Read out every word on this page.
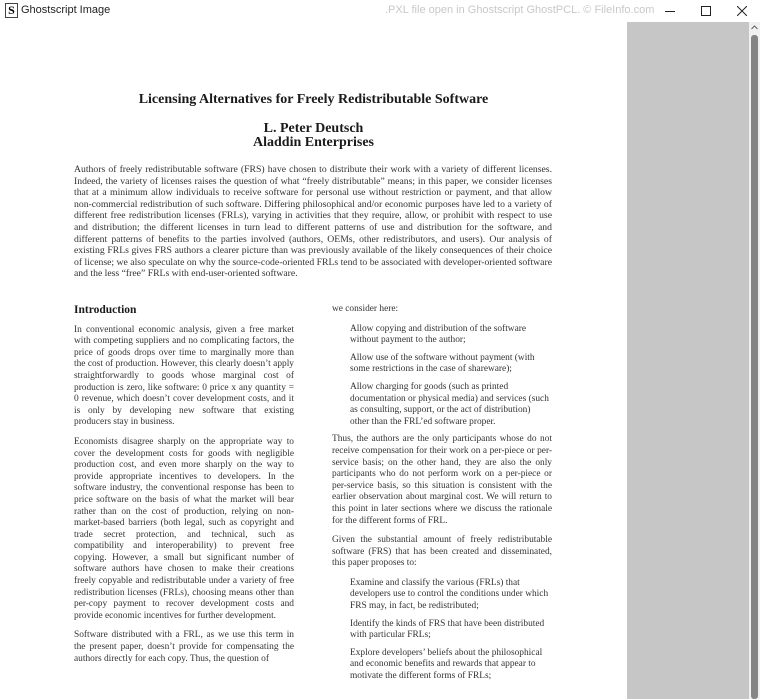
S Ghostscript Image	.PXL file open in Ghostscript GhostPCL. © FileInfo.com
Licensing Alternatives for Freely Redistributable Software
L. Peter Deutsch
Aladdin Enterprises
Authors of freely redistributable software (FRS) have chosen to distribute their work with a variety of different licenses. Indeed, the variety of licenses raises the question of what “freely distributable” means; in this paper, we consider licenses that at a minimum allow individuals to receive software for personal use without restriction or payment, and that allow non-commercial redistribution of such software. Differing philosophical and/or economic purposes have led to a variety of different free redistribution licenses (FRLs), varying in activities that they require, allow, or prohibit with respect to use and distribution; the different licenses in turn lead to different patterns of use and distribution for the software, and different patterns of benefits to the parties involved (authors, OEMs, other redistributors, and users). Our analysis of existing FRLs gives FRS authors a clearer picture than was previously available of the likely consequences of their choice of license; we also speculate on why the source-code-oriented FRLs tend to be associated with developer-oriented software and the less “free” FRLs with end-user-oriented software.
Introduction

In conventional economic analysis, given a free market with competing suppliers and no complicating factors, the price of goods drops over time to marginally more than the cost of production. However, this clearly doesn’t apply straightforwardly to goods whose marginal cost of production is zero, like software: 0 price x any quantity = 0 revenue, which doesn’t cover development costs, and it is only by developing new software that existing producers stay in business.

Economists disagree sharply on the appropriate way to cover the development costs for goods with negligible production cost, and even more sharply on the way to provide appropriate incentives to developers. In the software industry, the conventional response has been to price software on the basis of what the market will bear rather than on the cost of production, relying on non-market-based barriers (both legal, such as copyright and trade secret protection, and technical, such as compatibility and interoperability) to prevent free copying. However, a small but significant number of software authors have chosen to make their creations freely copyable and redistributable under a variety of free redistribution licenses (FRLs), choosing means other than per-copy payment to recover development costs and provide economic incentives for further development.

Software distributed with a FRL, as we use this term in the present paper, doesn’t provide for compensating the authors directly for each copy. Thus, the question of

we consider here:

Allow copying and distribution of the software without payment to the author;
Allow use of the software without payment (with some restrictions in the case of shareware);
Allow charging for goods (such as printed documentation or physical media) and services (such as consulting, support, or the act of distribution) other than the FRL’ed software proper.

Thus, the authors are the only participants whose do not receive compensation for their work on a per-piece or per-service basis; on the other hand, they are also the only participants who do not perform work on a per-piece or per-service basis, so this situation is consistent with the earlier observation about marginal cost. We will return to this point in later sections where we discuss the rationale for the different forms of FRL.

Given the substantial amount of freely redistributable software (FRS) that has been created and disseminated, this paper proposes to:

Examine and classify the various (FRLs) that developers use to control the conditions under which FRS may, in fact, be redistributed;
Identify the kinds of FRS that have been distributed with particular FRLs;
Explore developers’ beliefs about the philosophical and economic benefits and rewards that appear to motivate the different forms of FRLs;
